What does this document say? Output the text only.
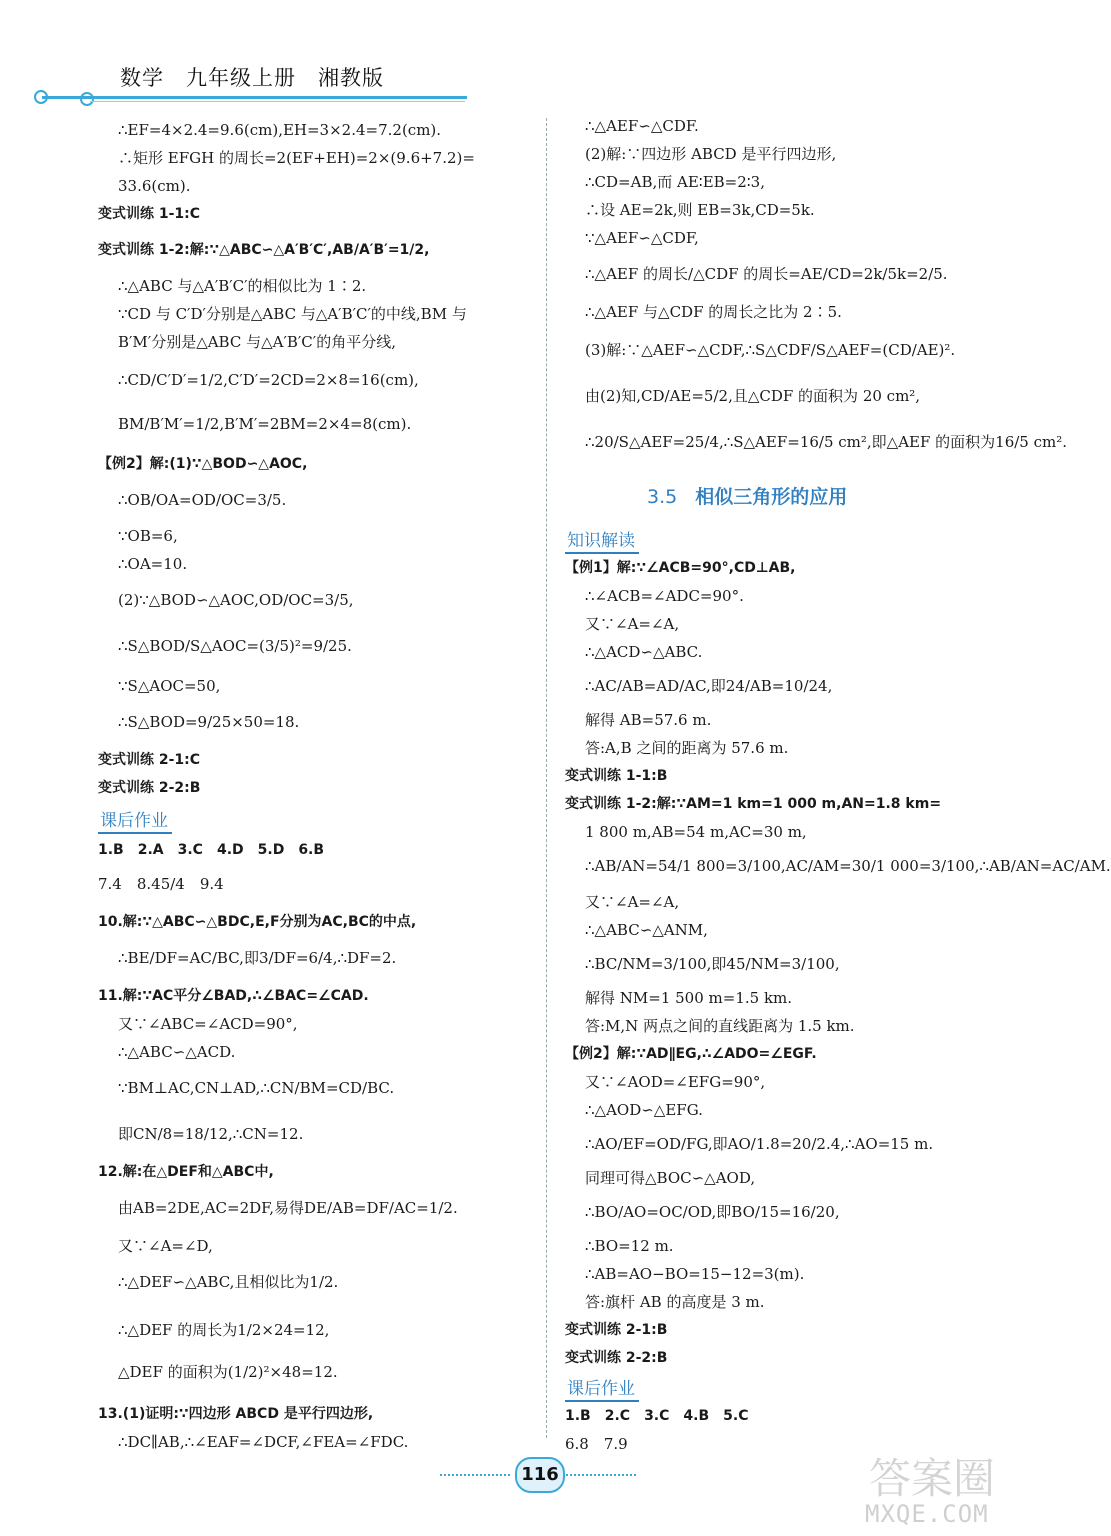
数学　九年级上册　湘教版
课后作业
∴EF=4×2.4=9.6(cm),EH=3×2.4=7.2(cm).
∴矩形 EFGH 的周长=2(EF+EH)=2×(9.6+7.2)=
33.6(cm).
变式训练 1-1:C
变式训练 1-2:解:∵△ABC∽△A′B′C′,AB/A′B′=1/2,
∴△ABC 与△A′B′C′的相似比为 1∶2.
∵CD 与 C′D′分别是△ABC 与△A′B′C′的中线,BM 与
B′M′分别是△ABC 与△A′B′C′的角平分线,
∴CD/C′D′=1/2,C′D′=2CD=2×8=16(cm),
BM/B′M′=1/2,B′M′=2BM=2×4=8(cm).
【例2】解:(1)∵△BOD∽△AOC,
∴OB/OA=OD/OC=3/5.
∵OB=6,
∴OA=10.
(2)∵△BOD∽△AOC,OD/OC=3/5,
∴S△BOD/S△AOC=(3/5)²=9/25.
∵S△AOC=50,
∴S△BOD=9/25×50=18.
变式训练 2-1:C
变式训练 2-2:B
1.B　2.A　3.C　4.D　5.D　6.B
7.4　8.45/4　9.4
10.解:∵△ABC∽△BDC,E,F分别为AC,BC的中点,
∴BE/DF=AC/BC,即3/DF=6/4,∴DF=2.
11.解:∵AC平分∠BAD,∴∠BAC=∠CAD.
又∵∠ABC=∠ACD=90°,
∴△ABC∽△ACD.
∵BM⊥AC,CN⊥AD,∴CN/BM=CD/BC.
即CN/8=18/12,∴CN=12.
12.解:在△DEF和△ABC中,
由AB=2DE,AC=2DF,易得DE/AB=DF/AC=1/2.
又∵∠A=∠D,
∴△DEF∽△ABC,且相似比为1/2.
∴△DEF 的周长为1/2×24=12,
△DEF 的面积为(1/2)²×48=12.
13.(1)证明:∵四边形 ABCD 是平行四边形,
∴DC∥AB,∴∠EAF=∠DCF,∠FEA=∠FDC.
3.5 相似三角形的应用
知识解读
课后作业
∴△AEF∽△CDF.
(2)解:∵四边形 ABCD 是平行四边形,
∴CD=AB,而 AE∶EB=2∶3,
∴设 AE=2k,则 EB=3k,CD=5k.
∵△AEF∽△CDF,
∴△AEF 的周长/△CDF 的周长=AE/CD=2k/5k=2/5.
∴△AEF 与△CDF 的周长之比为 2∶5.
(3)解:∵△AEF∽△CDF,∴S△CDF/S△AEF=(CD/AE)².
由(2)知,CD/AE=5/2,且△CDF 的面积为 20 cm²,
∴20/S△AEF=25/4,∴S△AEF=16/5 cm²,即△AEF 的面积为16/5 cm².
【例1】解:∵∠ACB=90°,CD⊥AB,
∴∠ACB=∠ADC=90°.
又∵∠A=∠A,
∴△ACD∽△ABC.
∴AC/AB=AD/AC,即24/AB=10/24,
解得 AB=57.6 m.
答:A,B 之间的距离为 57.6 m.
变式训练 1-1:B
变式训练 1-2:解:∵AM=1 km=1 000 m,AN=1.8 km=
1 800 m,AB=54 m,AC=30 m,
∴AB/AN=54/1 800=3/100,AC/AM=30/1 000=3/100,∴AB/AN=AC/AM.
又∵∠A=∠A,
∴△ABC∽△ANM,
∴BC/NM=3/100,即45/NM=3/100,
解得 NM=1 500 m=1.5 km.
答:M,N 两点之间的直线距离为 1.5 km.
【例2】解:∵AD∥EG,∴∠ADO=∠EGF.
又∵∠AOD=∠EFG=90°,
∴△AOD∽△EFG.
∴AO/EF=OD/FG,即AO/1.8=20/2.4,∴AO=15 m.
同理可得△BOC∽△AOD,
∴BO/AO=OC/OD,即BO/15=16/20,
∴BO=12 m.
∴AB=AO−BO=15−12=3(m).
答:旗杆 AB 的高度是 3 m.
变式训练 2-1:B
变式训练 2-2:B
1.B　2.C　3.C　4.B　5.C
6.8　7.9
116	答案圈
MXQE.COM
